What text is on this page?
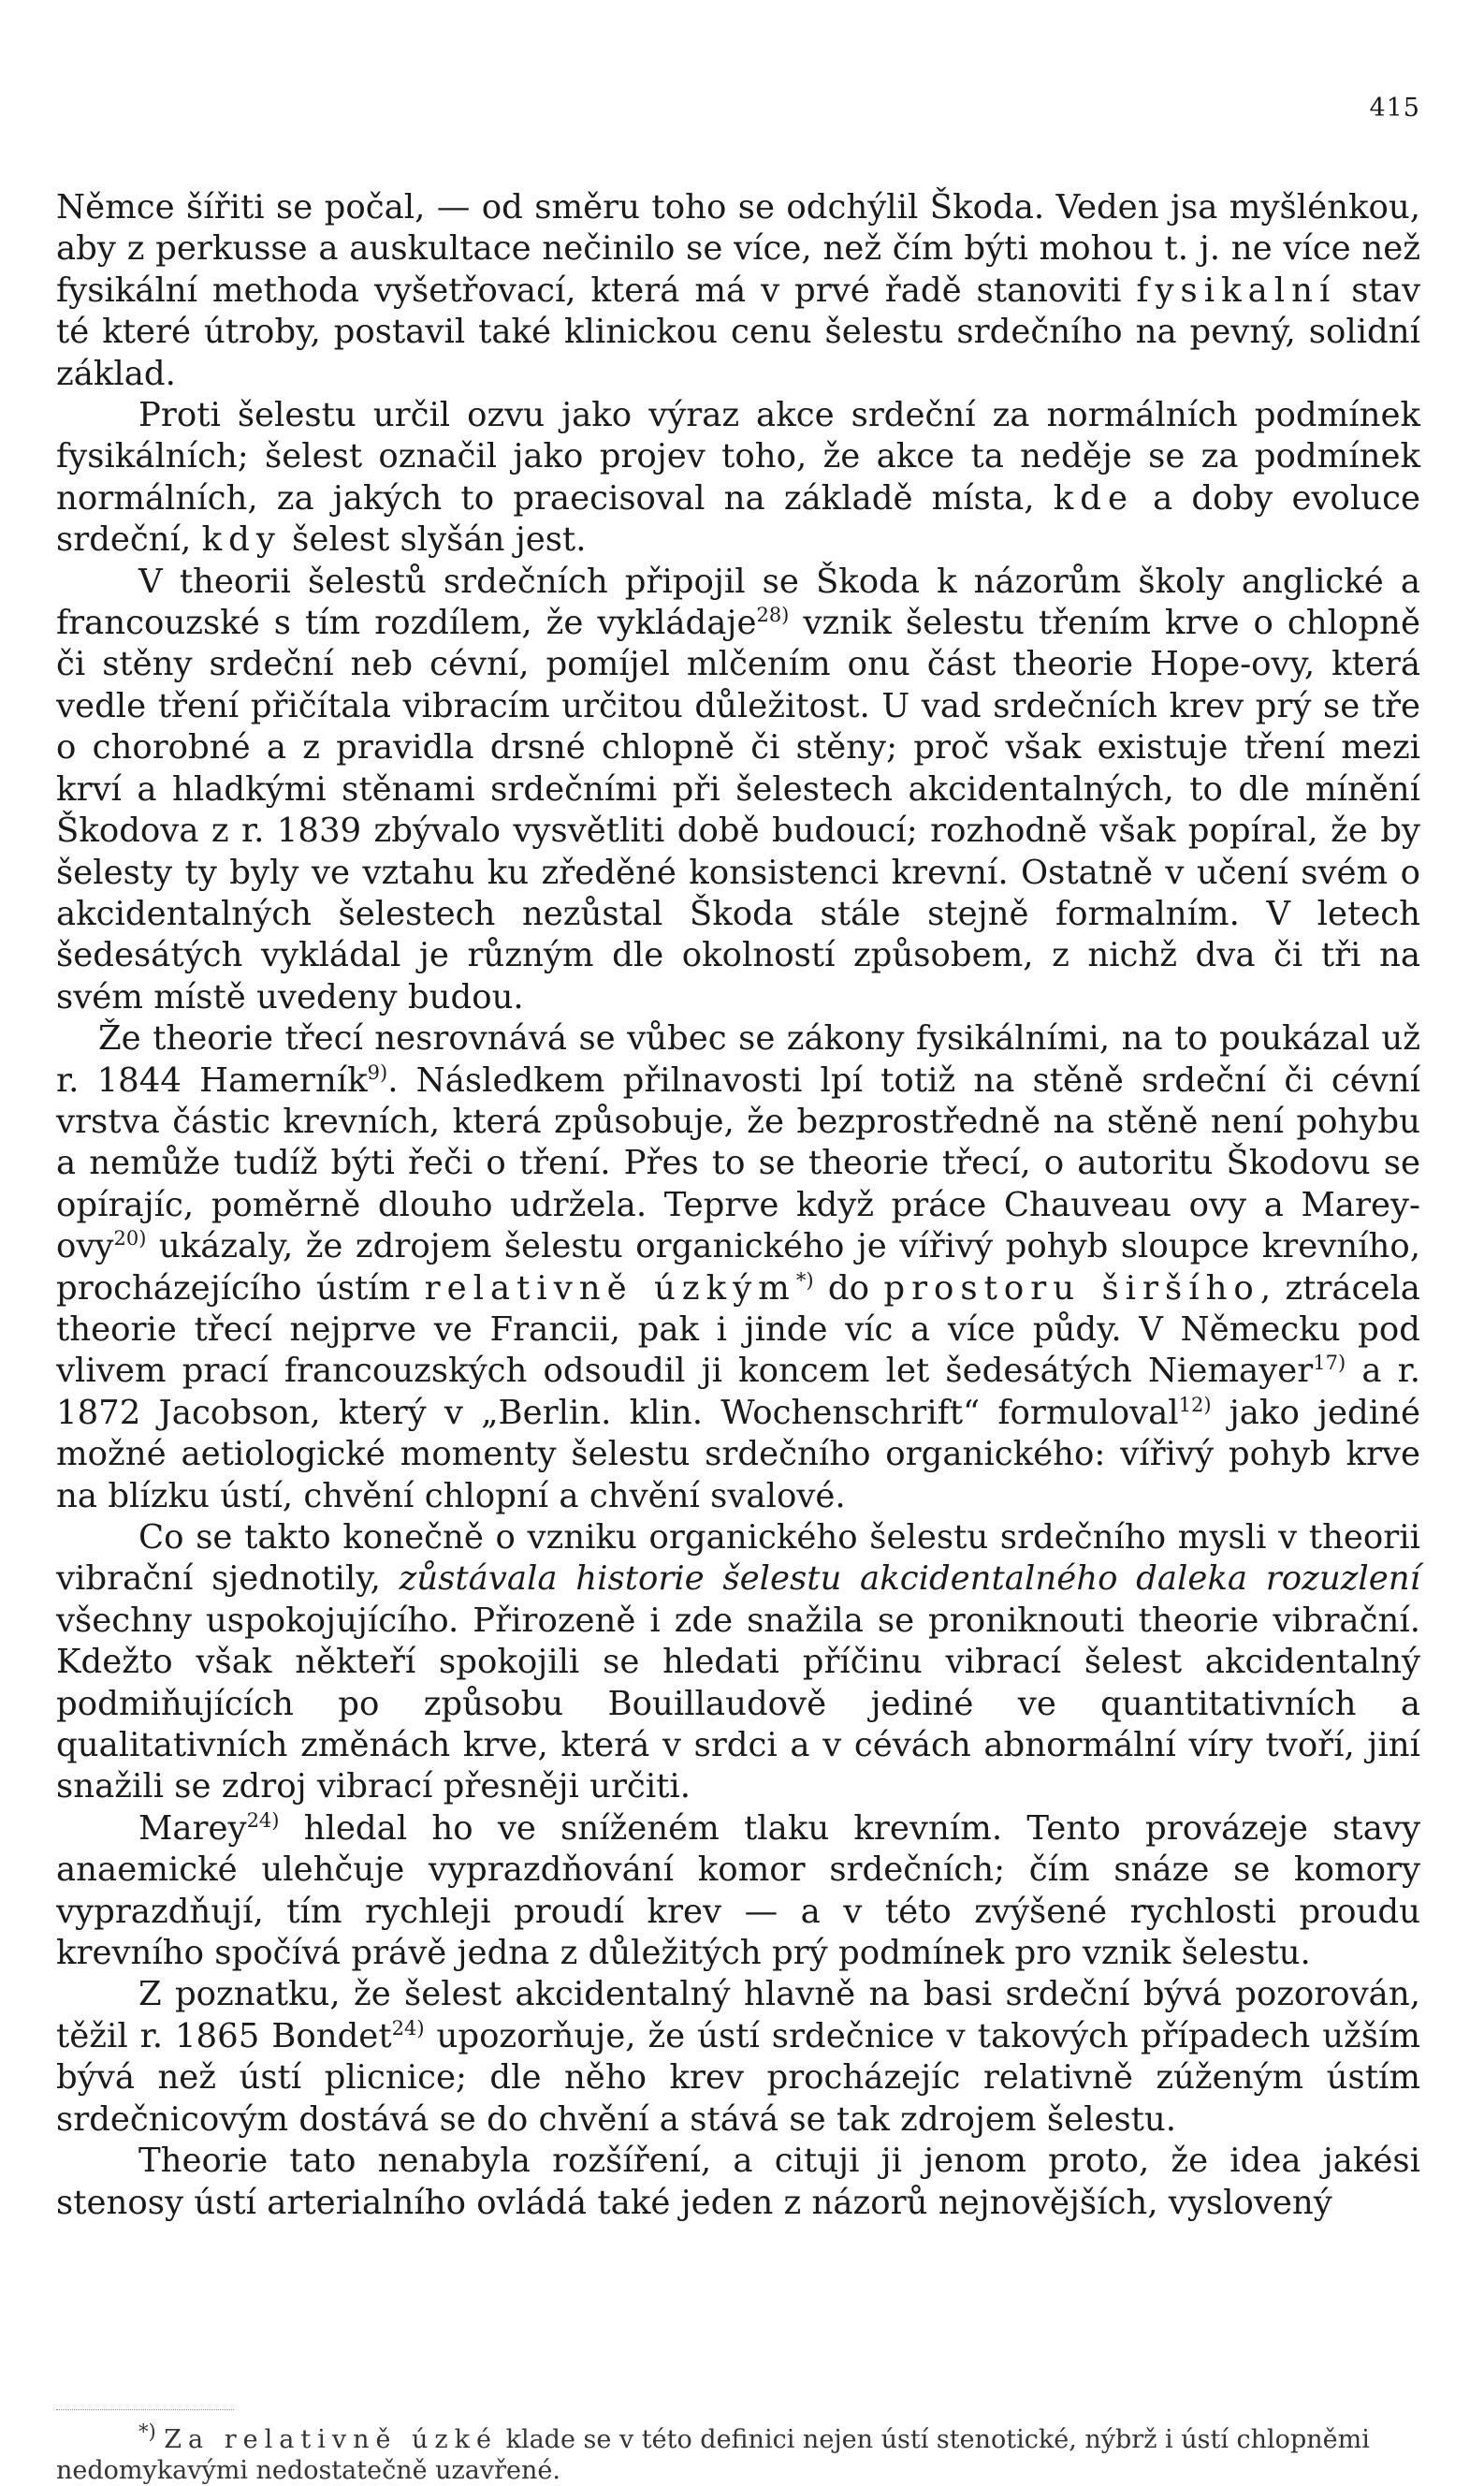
415

Němce šířiti se počal, — od směru toho se odchýlil Škoda. Veden jsa myšlénkou, aby z perkusse a auskultace nečinilo se více, než čím býti mohou t. j. ne více než fysikální methoda vyšetřovací, která má v prvé řadě stanoviti fysikalní stav té které útroby, postavil také klinickou cenu šelestu srdečního na pevný, solidní základ.

Proti šelestu určil ozvu jako výraz akce srdeční za normálních podmínek fysikálních; šelest označil jako projev toho, že akce ta neděje se za podmínek normálních, za jakých to praecisoval na základě místa, kde a doby evoluce srdeční, kdy šelest slyšán jest.

V theorii šelestů srdečních připojil se Škoda k názorům školy anglické a francouzské s tím rozdílem, že vykládaje$^{28)}$ vznik šelestu třením krve o chlopně či stěny srdeční neb cévní, pomíjel mlčením onu část theorie Hope-ovy, která vedle tření přičítala vibracím určitou důležitost. U vad srdečních krev prý se tře o chorobné a z pravidla drsné chlopně či stěny; proč však existuje tření mezi krví a hladkými stěnami srdečními při šelestech akcidentalných, to dle mínění Škodova z r. 1839 zbývalo vysvětliti době budoucí; rozhodně však popíral, že by šelesty ty byly ve vztahu ku zředěné konsistenci krevní. Ostatně v učení svém o akcidentalných šelestech nezůstal Škoda stále stejně formalním. V letech šedesátých vykládal je různým dle okolností způsobem, z nichž dva či tři na svém místě uvedeny budou.

Že theorie třecí nesrovnává se vůbec se zákony fysikálními, na to poukázal už r. 1844 Hamerník$^{9)}$. Následkem přilnavosti lpí totiž na stěně srdeční či cévní vrstva částic krevních, která způsobuje, že bezprostředně na stěně není pohybu a nemůže tudíž býti řeči o tření. Přes to se theorie třecí, o autoritu Škodovu se opírajíc, poměrně dlouho udržela. Teprve když práce Chauveau ovy a Marey-ovy$^{20)}$ ukázaly, že zdrojem šelestu organického je vířivý pohyb sloupce krevního, procházejícího ústím relativně úzkým*) do prostoru širšího, ztrácela theorie třecí nejprve ve Francii, pak i jinde víc a více půdy. V Německu pod vlivem prací francouzských odsoudil ji koncem let šedesátých Niemayer$^{17)}$ a r. 1872 Jacobson, který v „Berlin. klin. Wochenschrift“ formuloval$^{12)}$ jako jediné možné aetiologické momenty šelestu srdečního organického: vířivý pohyb krve na blízku ústí, chvění chlopní a chvění svalové.

Co se takto konečně o vzniku organického šelestu srdečního mysli v theorii vibrační sjednotily, zůstávala historie šelestu akcidentalného daleka rozuzlení všechny uspokojujícího. Přirozeně i zde snažila se proniknouti theorie vibrační. Kdežto však někteří spokojili se hledati příčinu vibrací šelest akcidentalný podmiňujících po způsobu Bouillaudově jediné ve quantitativních a qualitativních změnách krve, která v srdci a v cévách abnormální víry tvoří, jiní snažili se zdroj vibrací přesněji určiti.

Marey$^{24)}$ hledal ho ve sníženém tlaku krevním. Tento provázeje stavy anaemické ulehčuje vyprazdňování komor srdečních; čím snáze se komory vyprazdňují, tím rychleji proudí krev — a v této zvýšené rychlosti proudu krevního spočívá právě jedna z důležitých prý podmínek pro vznik šelestu.

Z poznatku, že šelest akcidentalný hlavně na basi srdeční bývá pozorován, těžil r. 1865 Bondet$^{24)}$ upozorňuje, že ústí srdečnice v takových případech užším bývá než ústí plicnice; dle něho krev procházejíc relativně zúženým ústím srdečnicovým dostává se do chvění a stává se tak zdrojem šelestu.

Theorie tato nenabyla rozšíření, a cituji ji jenom proto, že idea jakési stenosy ústí arterialního ovládá také jeden z názorů nejnovějších, vyslovený

*) Za relativně úzké klade se v této definici nejen ústí stenotické, nýbrž i ústí chlopněmi nedomykavými nedostatečně uzavřené.
